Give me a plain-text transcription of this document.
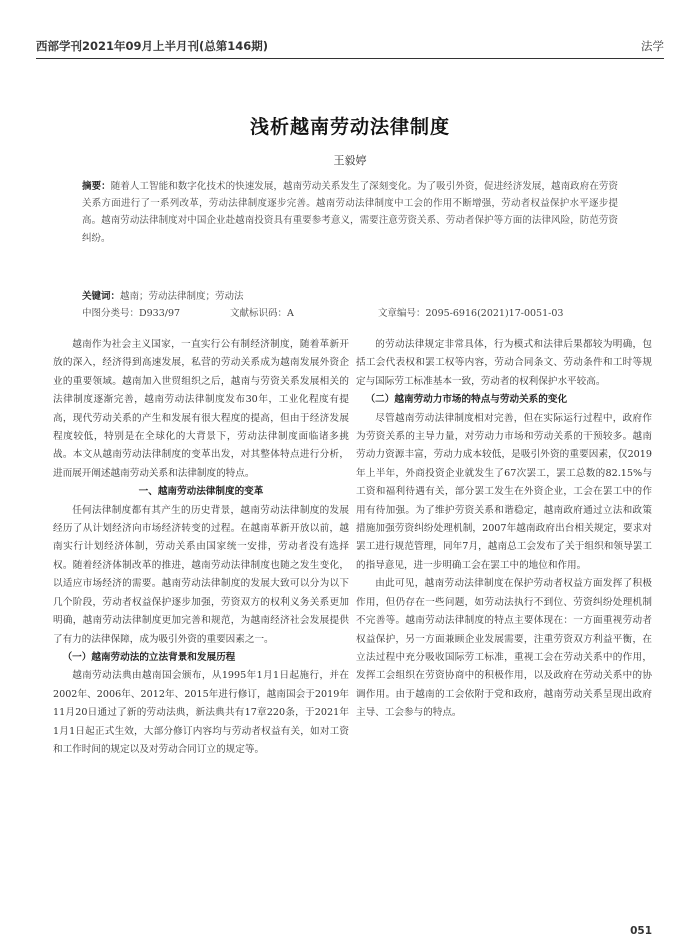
西部学刊2021年09月上半月刊(总第146期)	法学
浅析越南劳动法律制度
王毅婷
摘要：随着人工智能和数字化技术的快速发展，越南劳动关系发生了深刻变化。为了吸引外资，促进经济发展，越南政府在劳资关系方面进行了一系列改革，劳动法律制度逐步完善。越南劳动法律制度中工会的作用不断增强，劳动者权益保护水平逐步提高。越南劳动法律制度对中国企业赴越南投资具有重要参考意义，需要注意劳资关系、劳动者保护等方面的法律风险，防范劳资纠纷。
关键词：越南；劳动法律制度；劳动法
中图分类号：D933/97	文献标识码：A	文章编号：2095-6916(2021)17-0051-03

越南作为社会主义国家，一直实行公有制经济制度，随着革新开放的深入，经济得到高速发展，私营的劳动关系成为越南发展外资企业的重要领域。越南加入世贸组织之后，越南与劳资关系发展相关的法律制度逐渐完善，越南劳动法律制度发布30年，工业化程度有提高，现代劳动关系的产生和发展有很大程度的提高，但由于经济发展程度较低，特别是在全球化的大背景下，劳动法律制度面临诸多挑战。本文从越南劳动法律制度的变革出发，对其整体特点进行分析，进而展开阐述越南劳动关系和法律制度的特点。

一、越南劳动法律制度的变革

任何法律制度都有其产生的历史背景，越南劳动法律制度的发展经历了从计划经济向市场经济转变的过程。在越南革新开放以前，越南实行计划经济体制，劳动关系由国家统一安排，劳动者没有选择权。随着经济体制改革的推进，越南劳动法律制度也随之发生变化，以适应市场经济的需要。越南劳动法律制度的发展大致可以分为以下几个阶段，劳动者权益保护逐步加强，劳资双方的权利义务关系更加明确，越南劳动法律制度更加完善和规范，为越南经济社会发展提供了有力的法律保障，成为吸引外资的重要因素之一。

（一）越南劳动法的立法背景和发展历程

越南劳动法典由越南国会颁布，从1995年1月1日起施行，并在2002年、2006年、2012年、2015年进行修订，越南国会于2019年11月20日通过了新的劳动法典，新法典共有17章220条，于2021年1月1日起正式生效，大部分修订内容均与劳动者权益有关，如对工资和工作时间的规定以及对劳动合同订立的规定等。

的劳动法律规定非常具体，行为模式和法律后果都较为明确，包括工会代表权和罢工权等内容，劳动合同条文、劳动条件和工时等规定与国际劳工标准基本一致，劳动者的权利保护水平较高。

（二）越南劳动力市场的特点与劳动关系的变化

尽管越南劳动法律制度相对完善，但在实际运行过程中，政府作为劳资关系的主导力量，对劳动力市场和劳动关系的干预较多。越南劳动力资源丰富，劳动力成本较低，是吸引外资的重要因素，仅2019年上半年，外商投资企业就发生了67次罢工，罢工总数的82.15%与工资和福利待遇有关，部分罢工发生在外资企业，工会在罢工中的作用有待加强。为了维护劳资关系和谐稳定，越南政府通过立法和政策措施加强劳资纠纷处理机制，2007年越南政府出台相关规定，要求对罢工进行规范管理，同年7月，越南总工会发布了关于组织和领导罢工的指导意见，进一步明确工会在罢工中的地位和作用。

由此可见，越南劳动法律制度在保护劳动者权益方面发挥了积极作用，但仍存在一些问题，如劳动法执行不到位、劳资纠纷处理机制不完善等。越南劳动法律制度的特点主要体现在：一方面重视劳动者权益保护，另一方面兼顾企业发展需要，注重劳资双方利益平衡，在立法过程中充分吸收国际劳工标准，重视工会在劳动关系中的作用，发挥工会组织在劳资协商中的积极作用，以及政府在劳动关系中的协调作用。由于越南的工会依附于党和政府，越南劳动关系呈现出政府主导、工会参与的特点。

051
